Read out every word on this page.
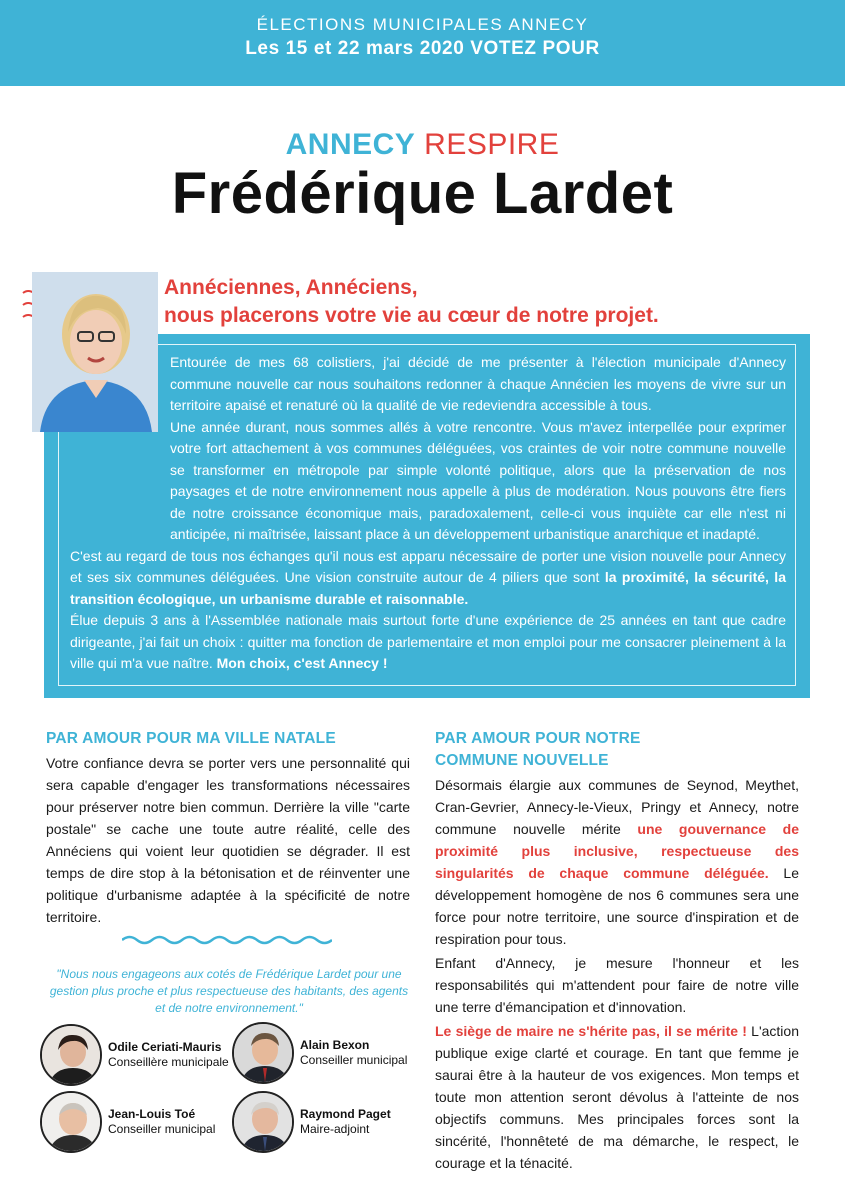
ÉLECTIONS MUNICIPALES ANNECY
Les 15 et 22 mars 2020 VOTEZ POUR
ANNECY RESPIRE
Frédérique Lardet
Annéciennes, Annéciens,

nous placerons votre vie au cœur de notre projet.

Entourée de mes 68 colistiers, j'ai décidé de me présenter à l'élection municipale d'Annecy commune nouvelle car nous souhaitons redonner à chaque Annécien les moyens de vivre sur un territoire apaisé et renaturé où la qualité de vie redeviendra accessible à tous.

Une année durant, nous sommes allés à votre rencontre. Vous m'avez interpellée pour exprimer votre fort attachement à vos communes déléguées, vos craintes de voir notre commune nouvelle se transformer en métropole par simple volonté politique, alors que la préservation de nos paysages et de notre environnement nous appelle à plus de modération. Nous pouvons être fiers de notre croissance économique mais, paradoxalement, celle-ci vous inquiète car elle n'est ni anticipée, ni maîtrisée, laissant place à un développement urbanistique anarchique et inadapté.

C'est au regard de tous nos échanges qu'il nous est apparu nécessaire de porter une vision nouvelle pour Annecy et ses six communes déléguées. Une vision construite autour de 4 piliers que sont la proximité, la sécurité, la transition écologique, un urbanisme durable et raisonnable.

Élue depuis 3 ans à l'Assemblée nationale mais surtout forte d'une expérience de 25 années en tant que cadre dirigeante, j'ai fait un choix : quitter ma fonction de parlementaire et mon emploi pour me consacrer pleinement à la ville qui m'a vue naître. Mon choix, c'est Annecy !

PAR AMOUR POUR MA VILLE NATALE

Votre confiance devra se porter vers une personnalité qui sera capable d'engager les transformations nécessaires pour préserver notre bien commun. Derrière la ville "carte postale" se cache une toute autre réalité, celle des Annéciens qui voient leur quotidien se dégrader. Il est temps de dire stop à la bétonisation et de réinventer une politique d'urbanisme adaptée à la spécificité de notre territoire.

"Nous nous engageons aux cotés de Frédérique Lardet pour une gestion plus proche et plus respectueuse des habitants, des agents et de notre environnement."
Odile Ceriati-Mauris
Conseillère municipale
Alain Bexon
Conseiller municipal
Jean-Louis Toé
Conseiller municipal
Raymond Paget
Maire-adjoint
PAR AMOUR POUR NOTRE
COMMUNE NOUVELLE

Désormais élargie aux communes de Seynod, Meythet, Cran-Gevrier, Annecy-le-Vieux, Pringy et Annecy, notre commune nouvelle mérite une gouvernance de proximité plus inclusive, respectueuse des singularités de chaque commune déléguée. Le développement homogène de nos 6 communes sera une force pour notre territoire, une source d'inspiration et de respiration pour tous.

Enfant d'Annecy, je mesure l'honneur et les responsabilités qui m'attendent pour faire de notre ville une terre d'émancipation et d'innovation.

Le siège de maire ne s'hérite pas, il se mérite ! L'action publique exige clarté et courage. En tant que femme je saurai être à la hauteur de vos exigences. Mon temps et toute mon attention seront dévolus à l'atteinte de nos objectifs communs. Mes principales forces sont la sincérité, l'honnêteté de ma démarche, le respect, le courage et la ténacité.
